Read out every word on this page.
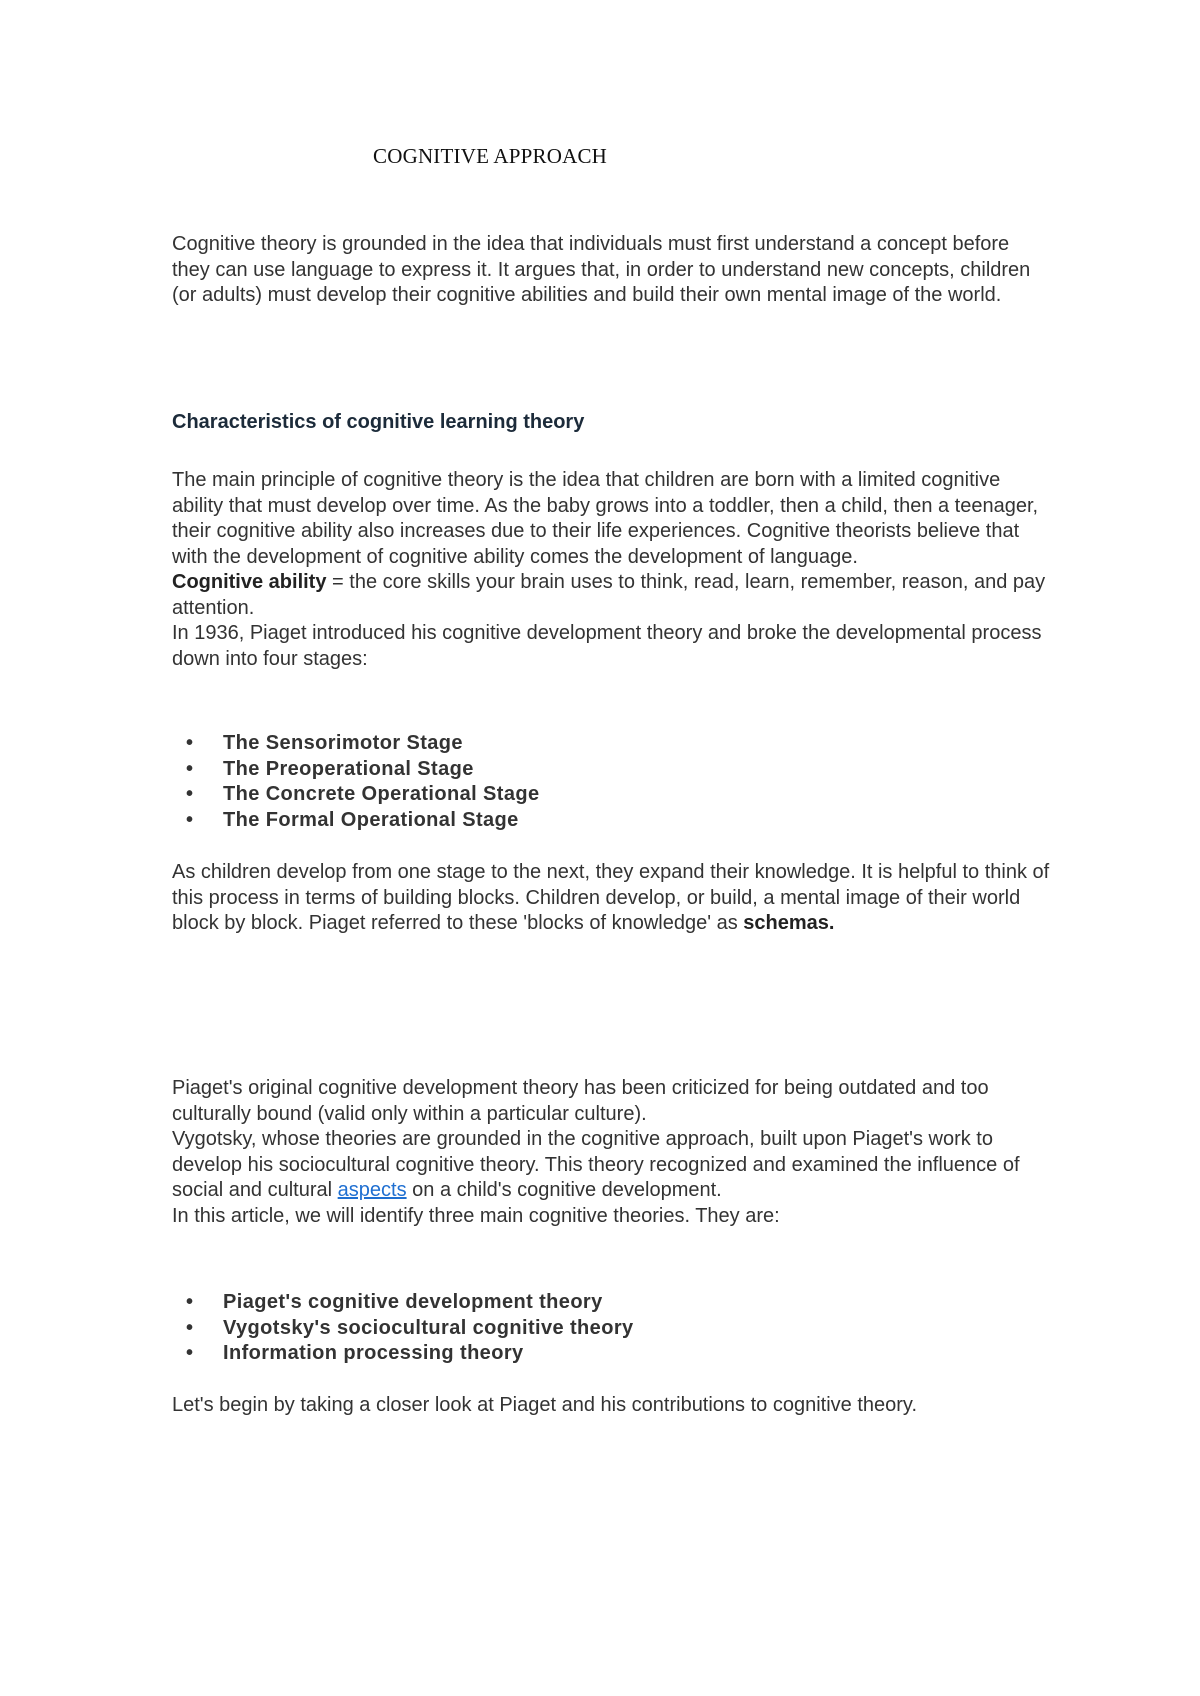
COGNITIVE APPROACH

Cognitive theory is grounded in the idea that individuals must first understand a concept before they can use language to express it. It argues that, in order to understand new concepts, children (or adults) must develop their cognitive abilities and build their own mental image of the world.

Characteristics of cognitive learning theory
The main principle of cognitive theory is the idea that children are born with a limited cognitive ability that must develop over time. As the baby grows into a toddler, then a child, then a teenager, their cognitive ability also increases due to their life experiences. Cognitive theorists believe that with the development of cognitive ability comes the development of language.
Cognitive ability = the core skills your brain uses to think, read, learn, remember, reason, and pay attention.
In 1936, Piaget introduced his cognitive development theory and broke the developmental process down into four stages:
• The Sensorimotor Stage
• The Preoperational Stage
• The Concrete Operational Stage
• The Formal Operational Stage

As children develop from one stage to the next, they expand their knowledge. It is helpful to think of this process in terms of building blocks. Children develop, or build, a mental image of their world block by block. Piaget referred to these 'blocks of knowledge' as schemas.

Piaget's original cognitive development theory has been criticized for being outdated and too culturally bound (valid only within a particular culture).
Vygotsky, whose theories are grounded in the cognitive approach, built upon Piaget's work to develop his sociocultural cognitive theory. This theory recognized and examined the influence of social and cultural aspects on a child's cognitive development.
In this article, we will identify three main cognitive theories. They are:
• Piaget's cognitive development theory
• Vygotsky's sociocultural cognitive theory
• Information processing theory

Let's begin by taking a closer look at Piaget and his contributions to cognitive theory.
